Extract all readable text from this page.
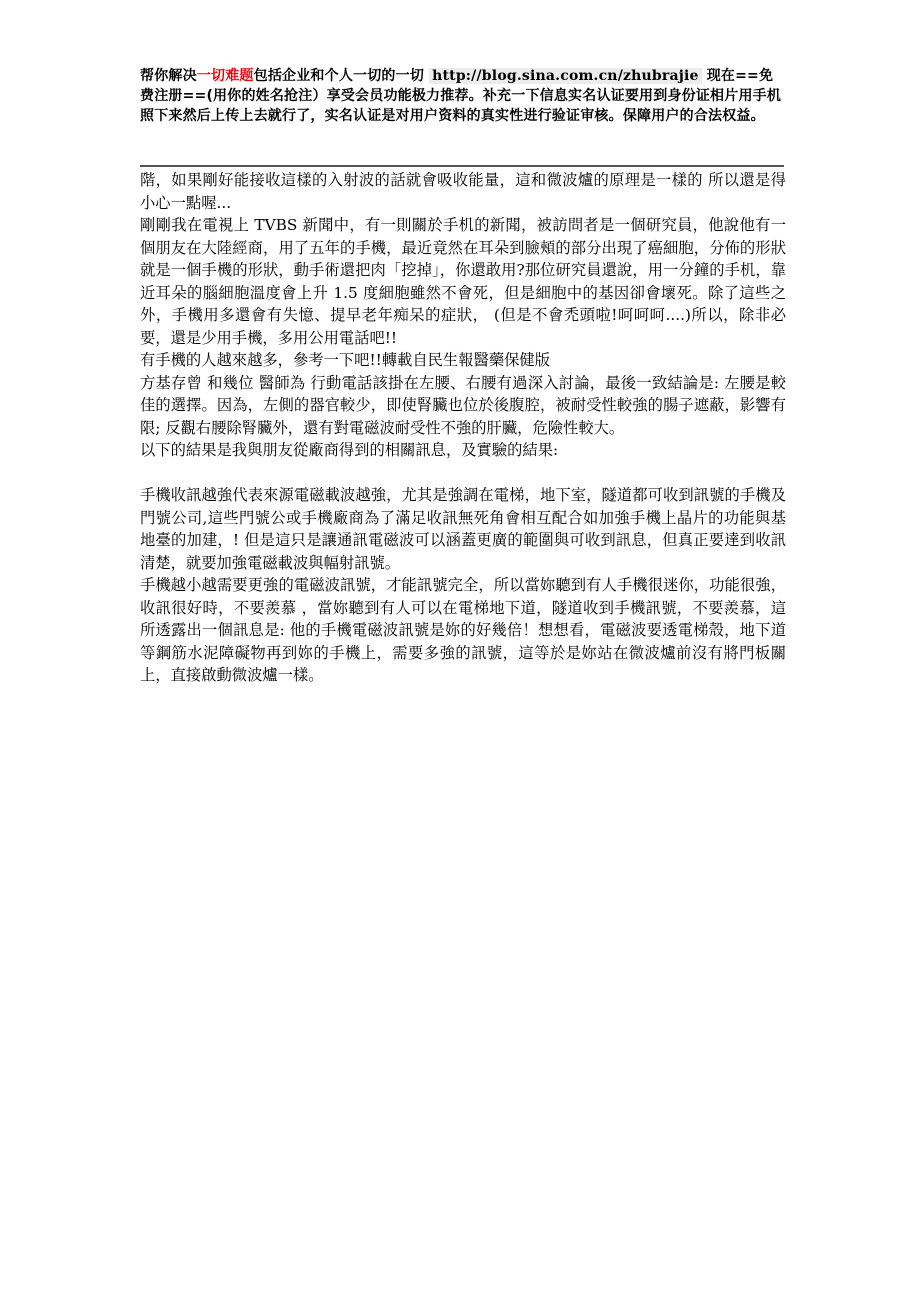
帮你解决一切难题包括企业和个人一切的一切 http://blog.sina.com.cn/zhubrajie 现在==免费注册==(用你的姓名抢注）享受会员功能极力推荐。补充一下信息实名认证要用到身份证相片用手机照下来然后上传上去就行了，实名认证是对用户资料的真实性进行验证审核。保障用户的合法权益。

階，如果剛好能接收這樣的入射波的話就會吸收能量，這和微波爐的原理是一樣的 所以還是得小心一點喔...

剛剛我在電視上 TVBS 新聞中，有一則關於手机的新聞，被訪問者是一個研究員，他說他有一個朋友在大陸經商，用了五年的手機，最近竟然在耳朵到臉頰的部分出現了癌細胞，分佈的形狀就是一個手機的形狀，動手術還把肉「挖掉」，你還敢用?那位研究員還說，用一分鐘的手机，靠近耳朵的腦細胞溫度會上升 1.5 度細胞雖然不會死，但是細胞中的基因卻會壞死。除了這些之外，手機用多還會有失憶、提早老年痴呆的症狀， (但是不會禿頭啦!呵呵呵....)所以，除非必要，還是少用手機，多用公用電話吧!!

有手機的人越來越多，參考一下吧!!轉載自民生報醫藥保健版

方基存曾 和幾位 醫師為 行動電話該掛在左腰、右腰有過深入討論，最後一致結論是: 左腰是較佳的選擇。因為，左側的器官較少，即使腎臟也位於後腹腔，被耐受性較強的腸子遮蔽，影響有限; 反觀右腰除腎臟外，還有對電磁波耐受性不強的肝臟，危險性較大。

以下的結果是我與朋友從廠商得到的相關訊息，及實驗的結果:

手機收訊越強代表來源電磁載波越強，尤其是強調在電梯，地下室，隧道都可收到訊號的手機及門號公司,這些門號公或手機廠商為了滿足收訊無死角會相互配合如加強手機上晶片的功能與基地臺的加建，! 但是這只是讓通訊電磁波可以涵蓋更廣的範圍與可收到訊息，但真正要達到收訊清楚，就要加強電磁載波與幅射訊號。

手機越小越需要更強的電磁波訊號，才能訊號完全，所以當妳聽到有人手機很迷你，功能很強，收訊很好時，不要羨慕 ，當妳聽到有人可以在電梯地下道，隧道收到手機訊號，不要羨慕，這所透露出一個訊息是: 他的手機電磁波訊號是妳的好幾倍！想想看，電磁波要透電梯殼，地下道等鋼筋水泥障礙物再到妳的手機上，需要多強的訊號，這等於是妳站在微波爐前沒有將門板關上，直接啟動微波爐一樣。
